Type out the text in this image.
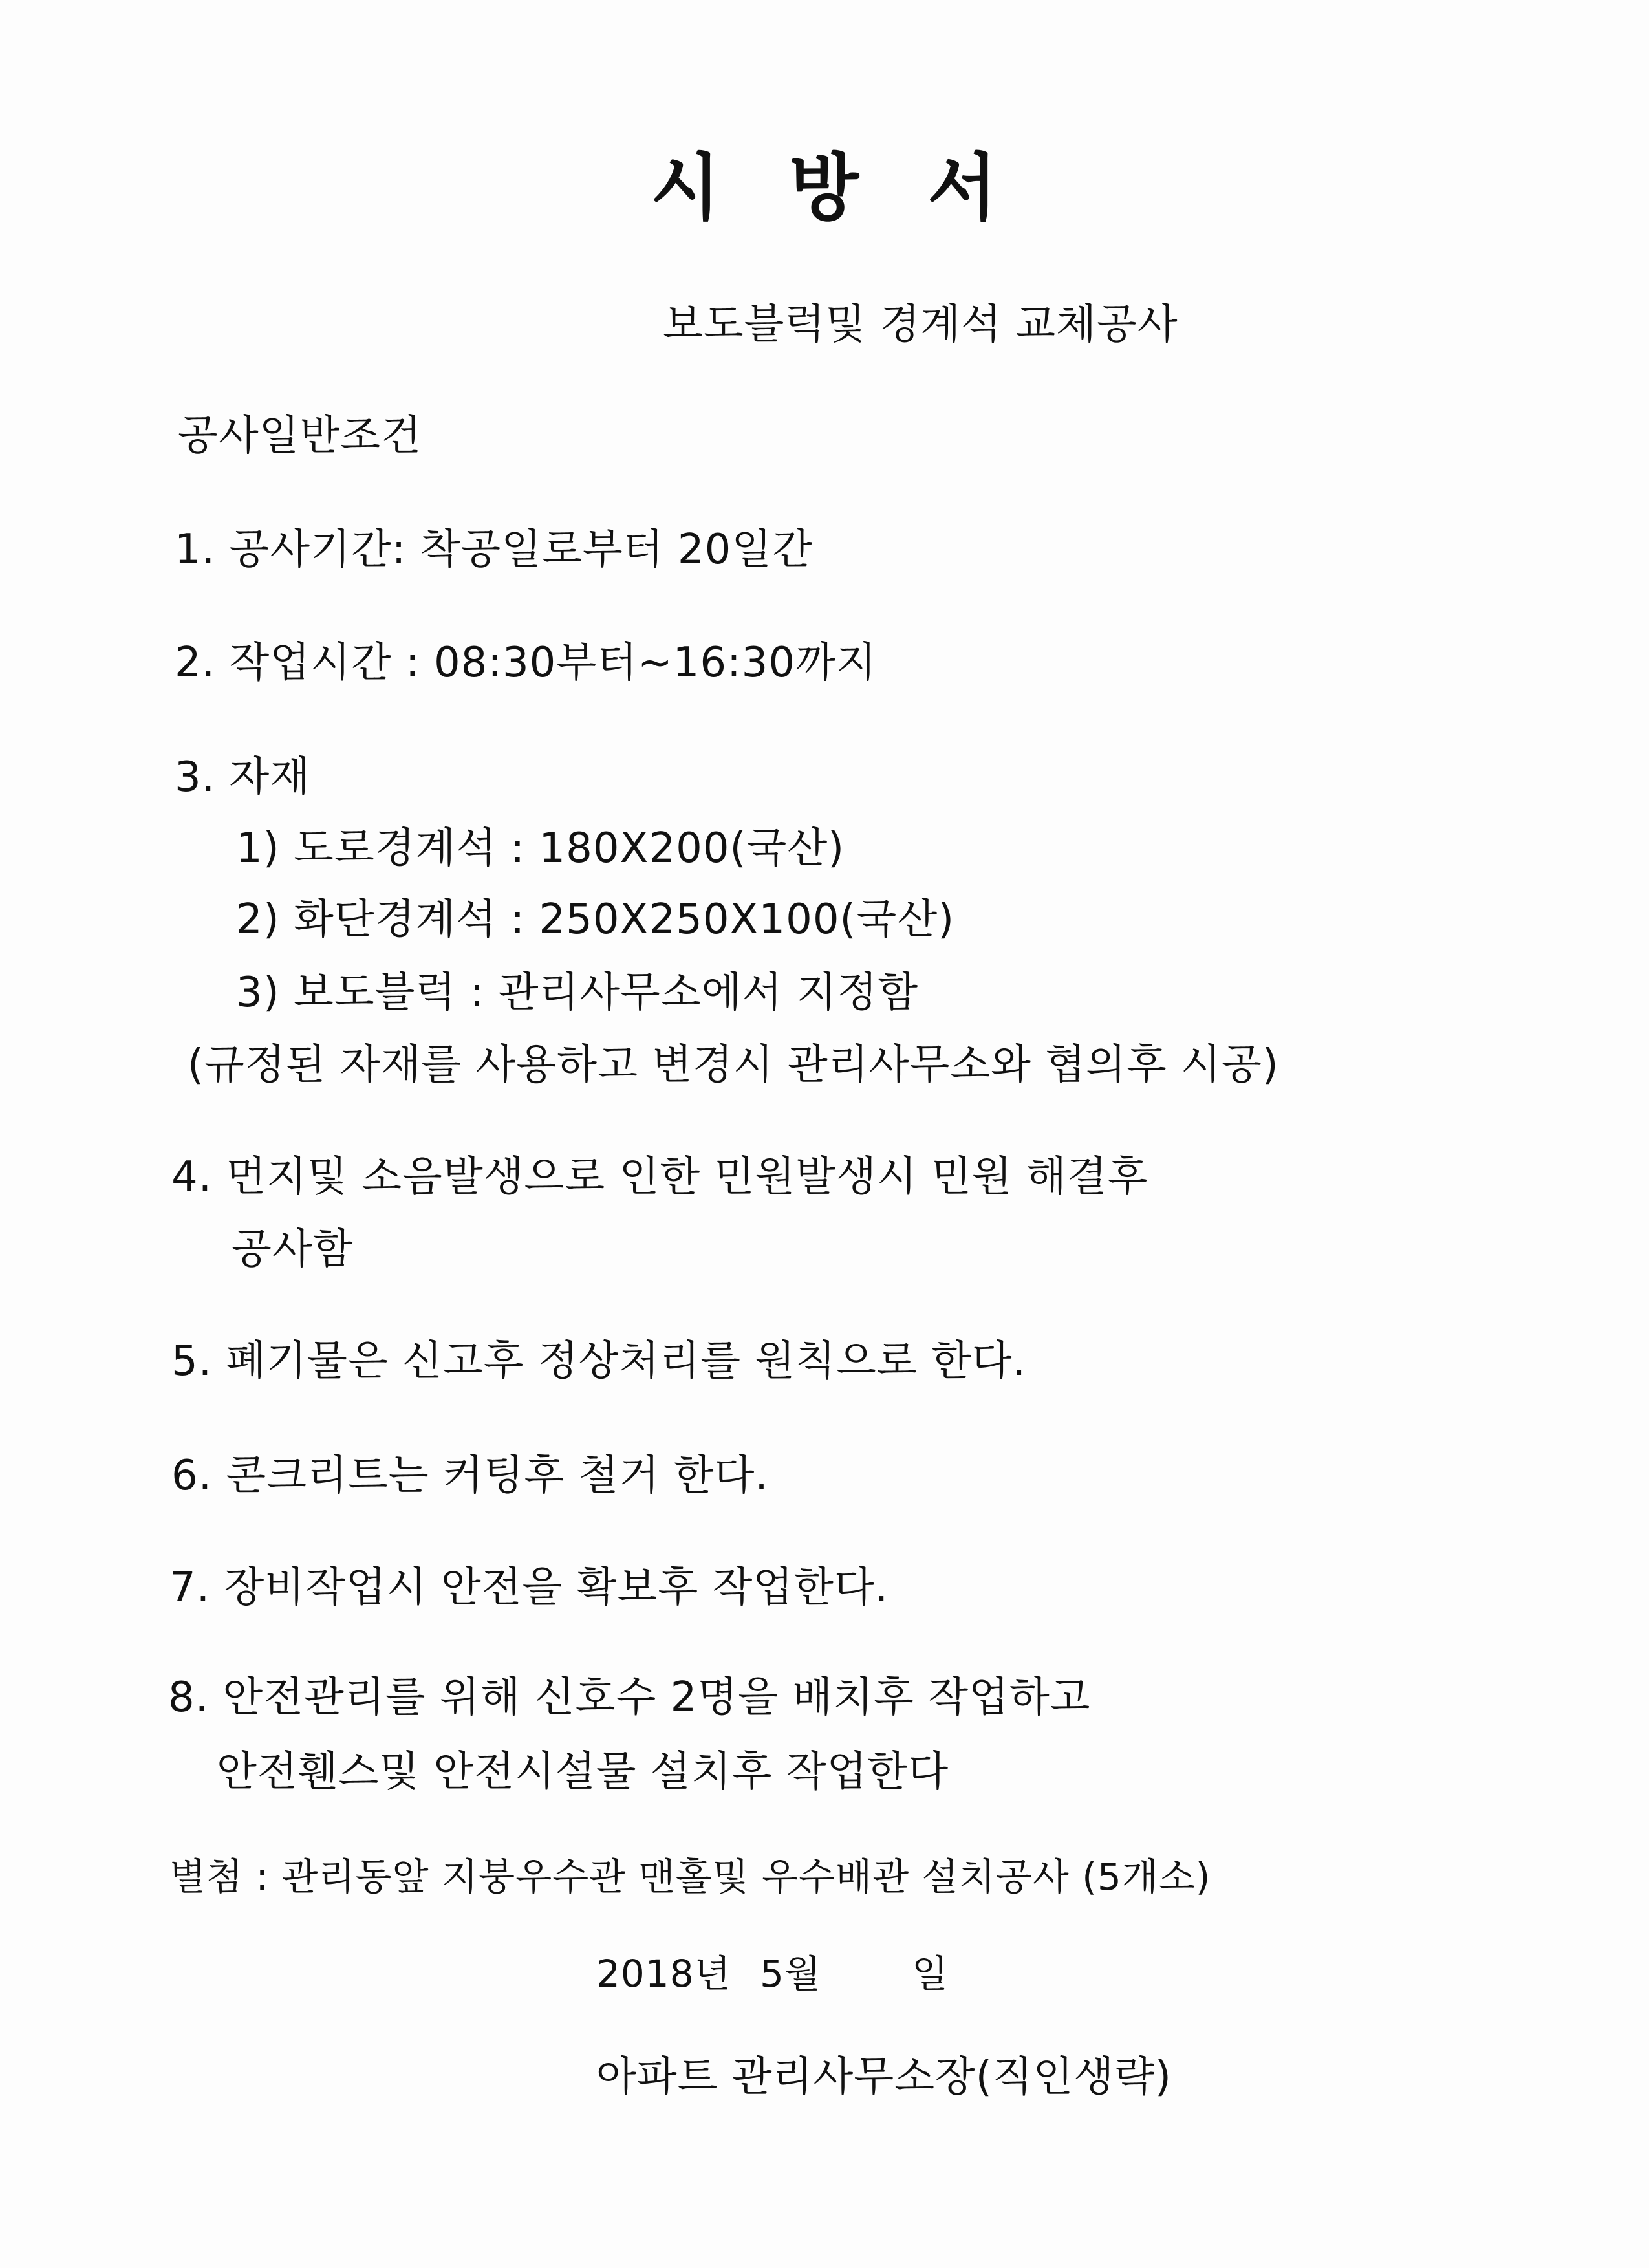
시 방 서
보도블럭및 경계석 교체공사
공사일반조건
1. 공사기간: 착공일로부터 20일간
2. 작업시간 : 08:30부터~16:30까지
3. 자재
1) 도로경계석 : 180X200(국산)
2) 화단경계석 : 250X250X100(국산)
3) 보도블럭 : 관리사무소에서 지정함
(규정된 자재를 사용하고 변경시 관리사무소와 협의후 시공)
4. 먼지및 소음발생으로 인한 민원발생시 민원 해결후
공사함
5. 폐기물은 신고후 정상처리를 원칙으로 한다.
6. 콘크리트는 커팅후 철거 한다.
7. 장비작업시 안전을 확보후 작업한다.
8. 안전관리를 위해 신호수 2명을 배치후 작업하고
안전휀스및 안전시설물 설치후 작업한다
별첨 : 관리동앞 지붕우수관 맨홀및 우수배관 설치공사 (5개소)
2018년 5월 일
아파트 관리사무소장(직인생략)
